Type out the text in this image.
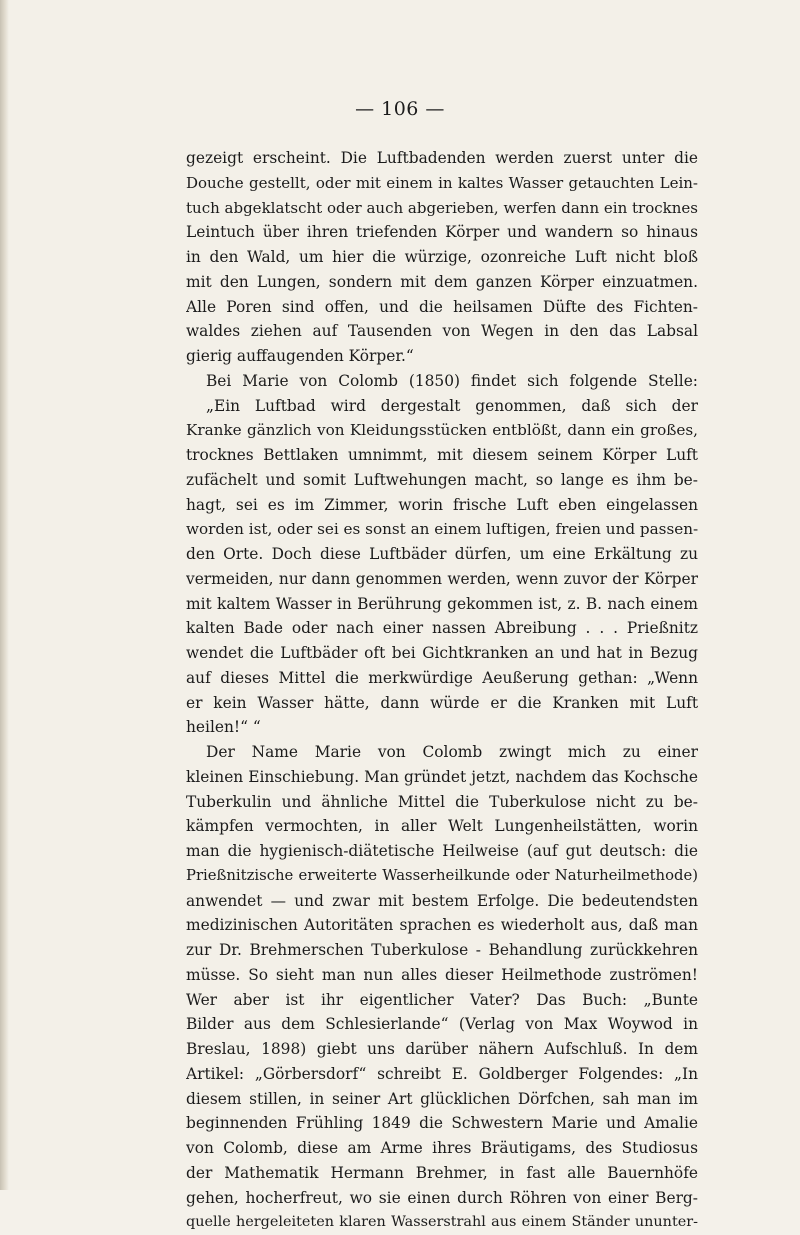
— 106 —
gezeigt erscheint. Die Luftbadenden werden zuerst unter die
Douche gestellt, oder mit einem in kaltes Wasser getauchten Lein-
tuch abgeklatscht oder auch abgerieben, werfen dann ein trocknes
Leintuch über ihren triefenden Körper und wandern so hinaus
in den Wald, um hier die würzige, ozonreiche Luft nicht bloß
mit den Lungen, sondern mit dem ganzen Körper einzuatmen.
Alle Poren sind offen, und die heilsamen Düfte des Fichten-
waldes ziehen auf Tausenden von Wegen in den das Labsal
gierig auffaugenden Körper.“
Bei Marie von Colomb (1850) findet sich folgende Stelle:
„Ein Luftbad wird dergestalt genommen, daß sich der
Kranke gänzlich von Kleidungsstücken entblößt, dann ein großes,
trocknes Bettlaken umnimmt, mit diesem seinem Körper Luft
zufächelt und somit Luftwehungen macht, so lange es ihm be-
hagt, sei es im Zimmer, worin frische Luft eben eingelassen
worden ist, oder sei es sonst an einem luftigen, freien und passen-
den Orte. Doch diese Luftbäder dürfen, um eine Erkältung zu
vermeiden, nur dann genommen werden, wenn zuvor der Körper
mit kaltem Wasser in Berührung gekommen ist, z. B. nach einem
kalten Bade oder nach einer nassen Abreibung . . . Prießnitz
wendet die Luftbäder oft bei Gichtkranken an und hat in Bezug
auf dieses Mittel die merkwürdige Aeußerung gethan: „Wenn
er kein Wasser hätte, dann würde er die Kranken mit Luft
heilen!“ “
Der Name Marie von Colomb zwingt mich zu einer
kleinen Einschiebung. Man gründet jetzt, nachdem das Kochsche
Tuberkulin und ähnliche Mittel die Tuberkulose nicht zu be-
kämpfen vermochten, in aller Welt Lungenheilstätten, worin
man die hygienisch-diätetische Heilweise (auf gut deutsch: die
Prießnitzische erweiterte Wasserheilkunde oder Naturheilmethode)
anwendet — und zwar mit bestem Erfolge. Die bedeutendsten
medizinischen Autoritäten sprachen es wiederholt aus, daß man
zur Dr. Brehmerschen Tuberkulose - Behandlung zurückkehren
müsse. So sieht man nun alles dieser Heilmethode zuströmen!
Wer aber ist ihr eigentlicher Vater? Das Buch: „Bunte
Bilder aus dem Schlesierlande“ (Verlag von Max Woywod in
Breslau, 1898) giebt uns darüber nähern Aufschluß. In dem
Artikel: „Görbersdorf“ schreibt E. Goldberger Folgendes: „In
diesem stillen, in seiner Art glücklichen Dörfchen, sah man im
beginnenden Frühling 1849 die Schwestern Marie und Amalie
von Colomb, diese am Arme ihres Bräutigams, des Studiosus
der Mathematik Hermann Brehmer, in fast alle Bauernhöfe
gehen, hocherfreut, wo sie einen durch Röhren von einer Berg-
quelle hergeleiteten klaren Wasserstrahl aus einem Ständer ununter-
